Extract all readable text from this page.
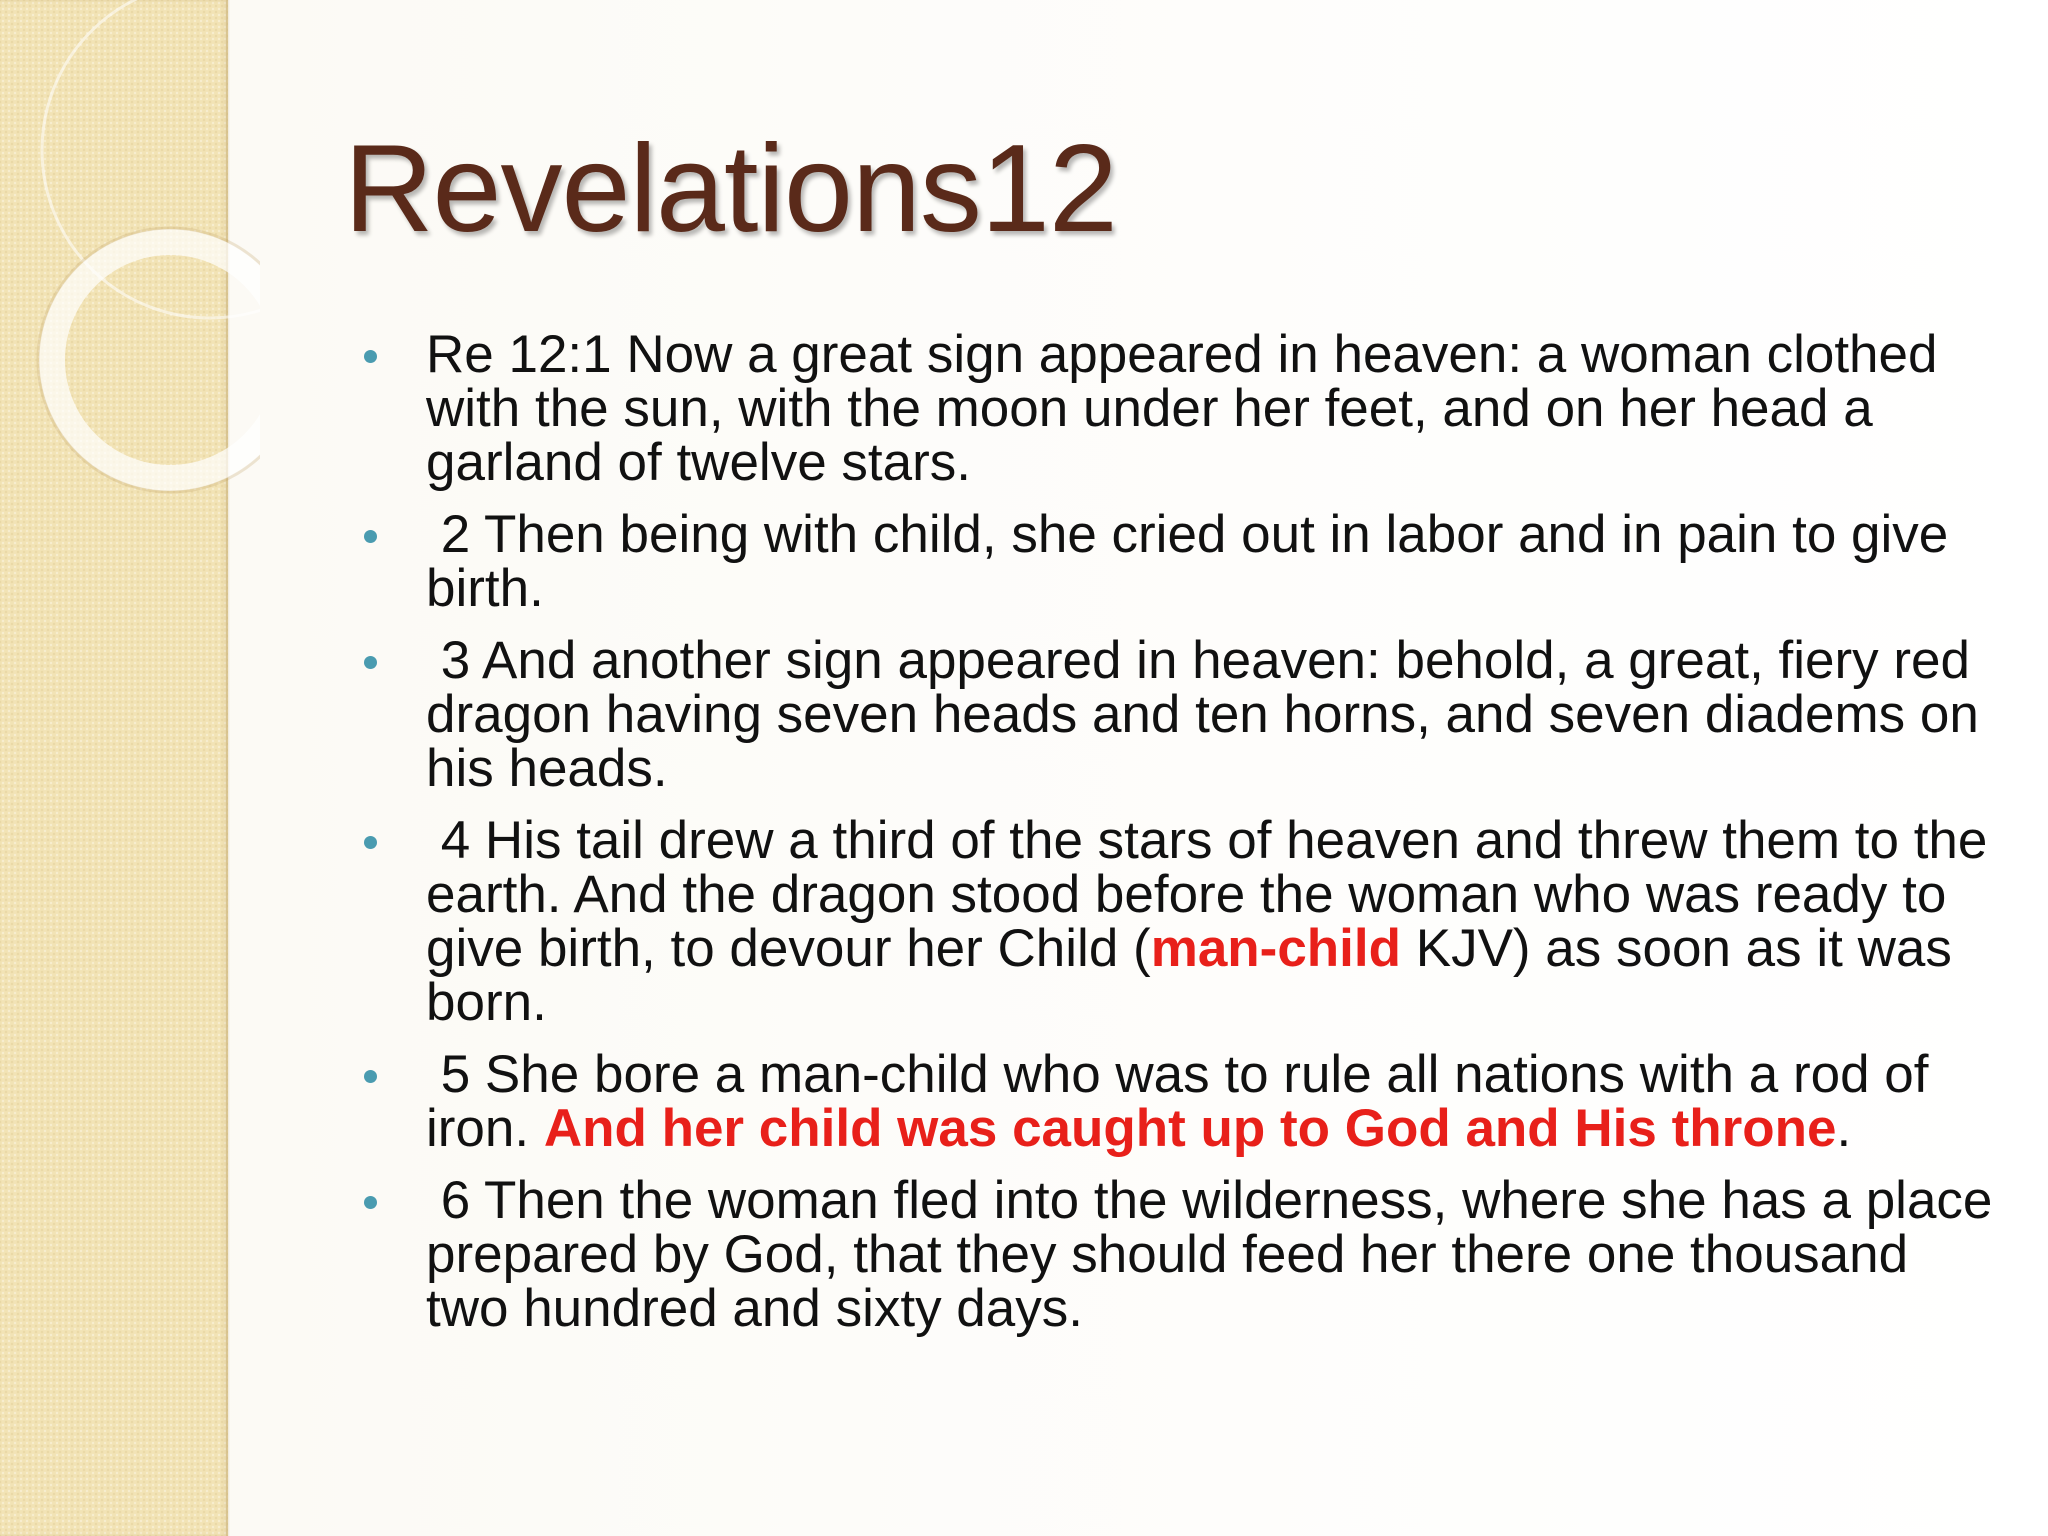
Revelations12
Re 12:1 Now a great sign appeared in heaven: a woman clothed with the sun, with the moon under her feet, and on her head a garland of twelve stars.
2 Then being with child, she cried out in labor and in pain to give birth.
3 And another sign appeared in heaven: behold, a great, fiery red dragon having seven heads and ten horns, and seven diadems on his heads.
4 His tail drew a third of the stars of heaven and threw them to the earth. And the dragon stood before the woman who was ready to give birth, to devour her Child (man-child KJV) as soon as it was born.
5 She bore a man-child who was to rule all nations with a rod of iron. And her child was caught up to God and His throne.
6 Then the woman fled into the wilderness, where she has a place prepared by God, that they should feed her there one thousand two hundred and sixty days.
